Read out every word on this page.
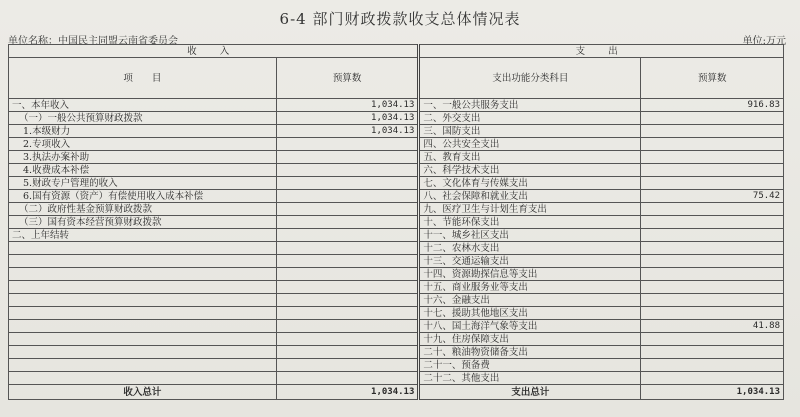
6-4 部门财政拨款收支总体情况表
单位名称：中国民主同盟云南省委员会	单位:万元
收 入		支 出	
项　　目	预算数	支出功能分类科目	预算数
一、本年收入	1,034.13	一、一般公共服务支出	916.83
（一）一般公共预算财政拨款	1,034.13	二、外交支出	
1.本级财力	1,034.13	三、国防支出	
2.专项收入		四、公共安全支出	
3.执法办案补助		五、教育支出	
4.收费成本补偿		六、科学技术支出	
5.财政专户管理的收入		七、文化体育与传媒支出	
6.国有资源（资产）有偿使用收入成本补偿		八、社会保障和就业支出	75.42
（二）政府性基金预算财政拨款		九、医疗卫生与计划生育支出	
（三）国有资本经营预算财政拨款		十、节能环保支出	
二、上年结转		十一、城乡社区支出	
		十二、农林水支出	
		十三、交通运输支出	
		十四、资源勘探信息等支出	
		十五、商业服务业等支出	
		十六、金融支出	
		十七、援助其他地区支出	
		十八、国土海洋气象等支出	41.88
		十九、住房保障支出	
		二十、粮油物资储备支出	
		二十一、预备费	
		二十二、其他支出	
收入总计	1,034.13	支出总计	1,034.13
